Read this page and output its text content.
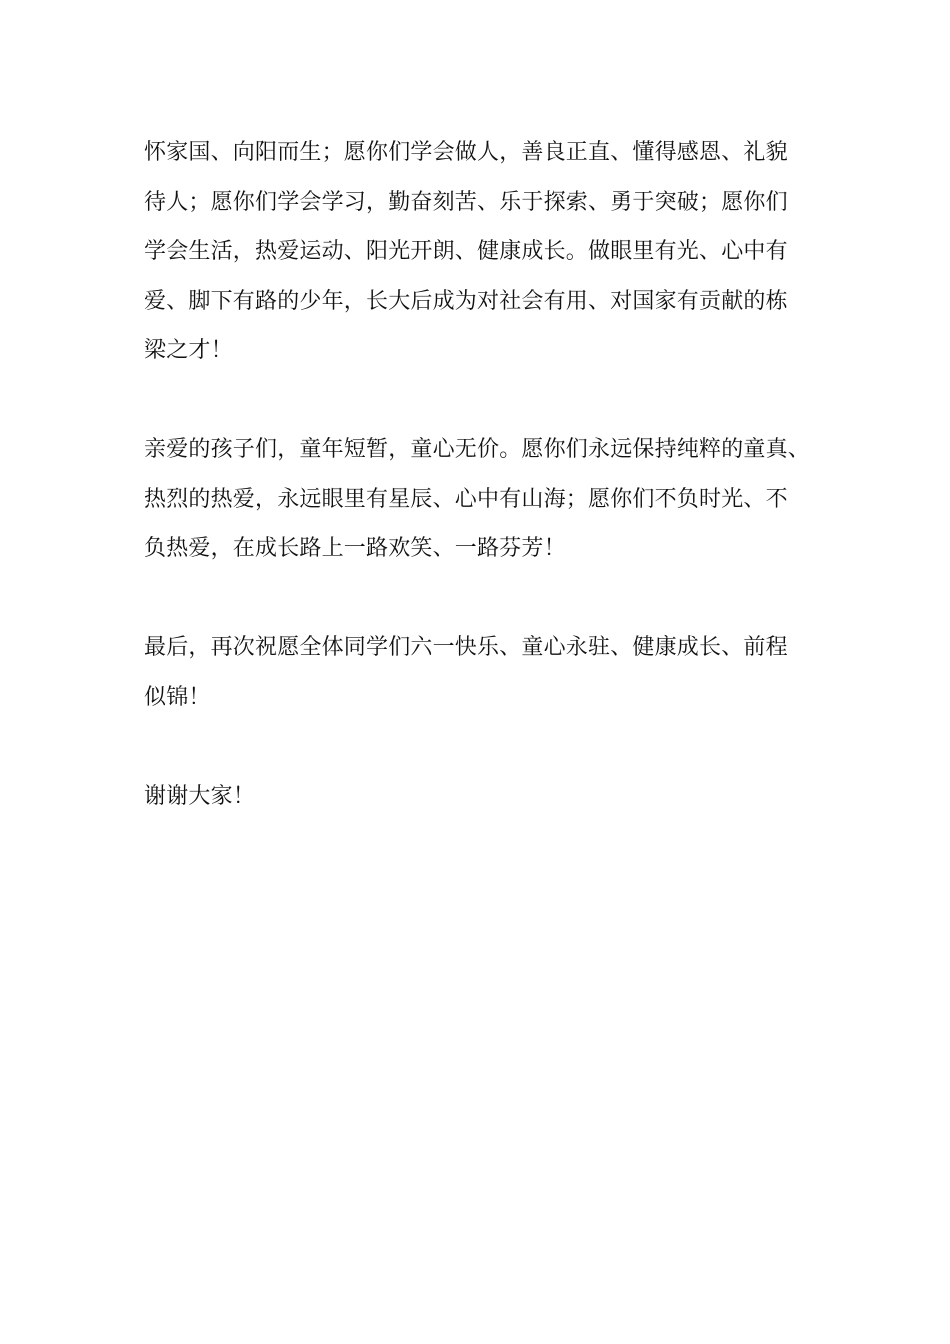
怀家国、向阳而生；愿你们学会做人，善良正直、懂得感恩、礼貌
待人；愿你们学会学习，勤奋刻苦、乐于探索、勇于突破；愿你们
学会生活，热爱运动、阳光开朗、健康成长。做眼里有光、心中有
爱、脚下有路的少年，长大后成为对社会有用、对国家有贡献的栋
梁之才！
亲爱的孩子们，童年短暂，童心无价。愿你们永远保持纯粹的童真、
热烈的热爱，永远眼里有星辰、心中有山海；愿你们不负时光、不
负热爱，在成长路上一路欢笑、一路芬芳！
最后，再次祝愿全体同学们六一快乐、童心永驻、健康成长、前程
似锦！
谢谢大家！
